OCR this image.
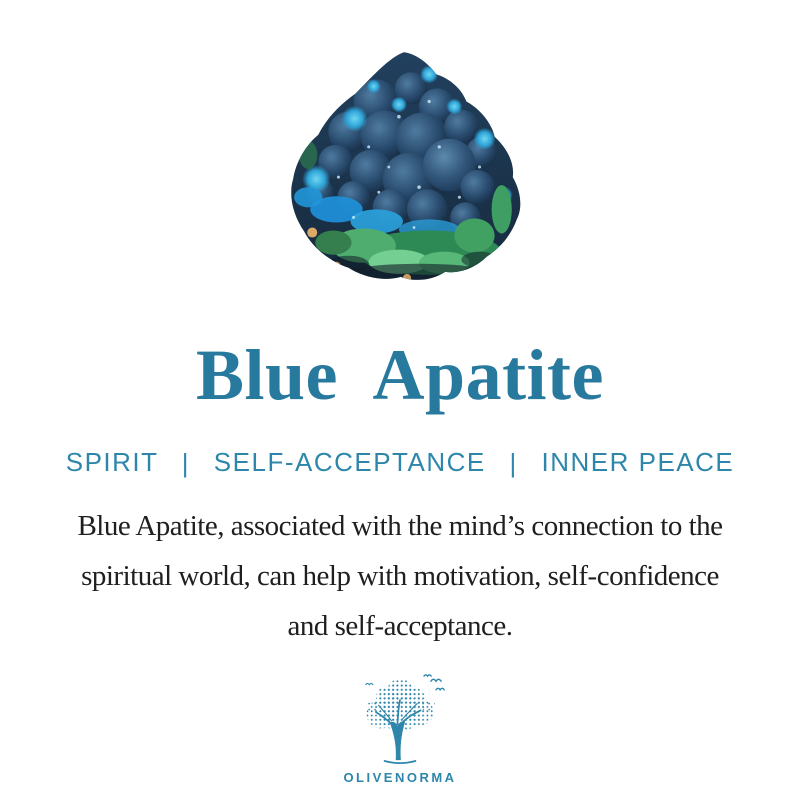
Blue Apatite
SPIRIT | SELF-ACCEPTANCE | INNER PEACE
Blue Apatite, associated with the mind’s connection to the
spiritual world, can help with motivation, self-confidence
and self-acceptance.
OLIVENORMA
